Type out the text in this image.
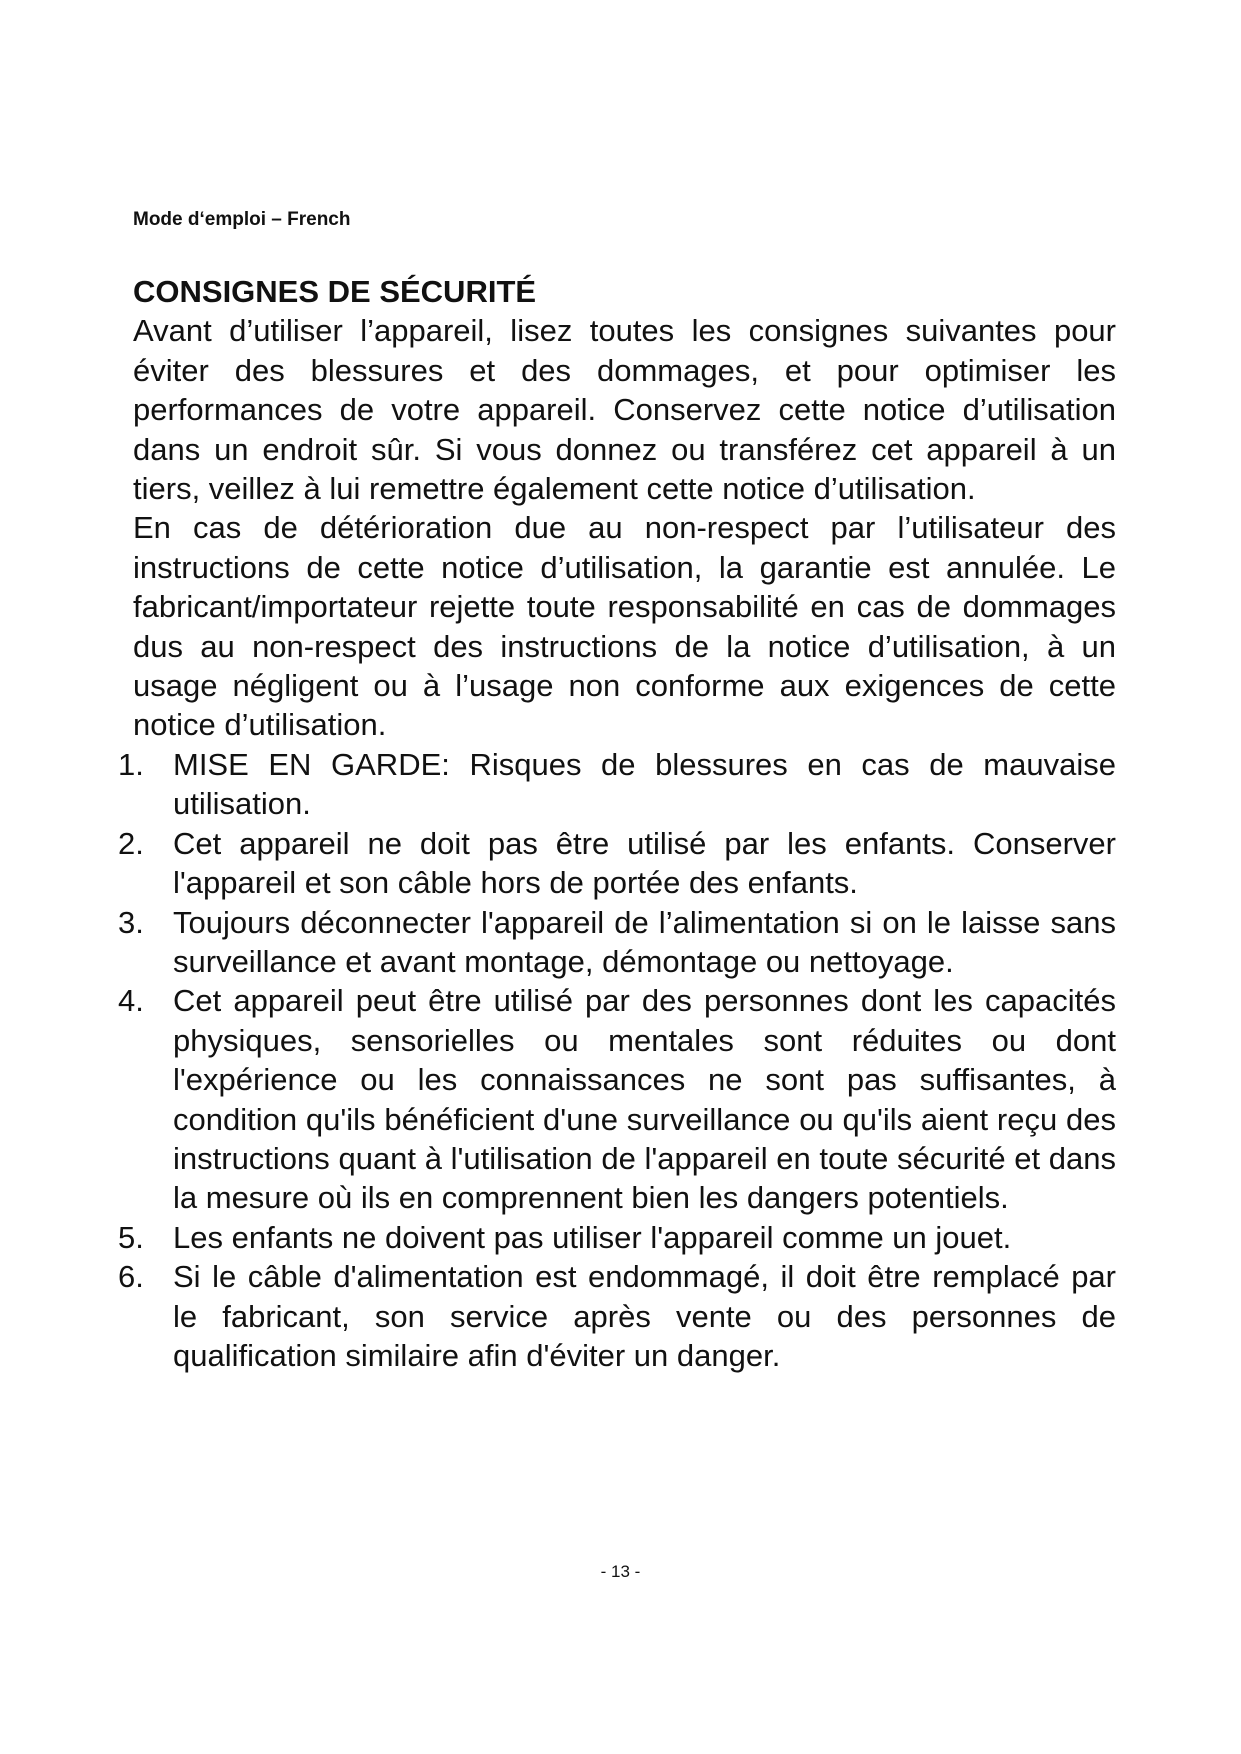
Mode d‘emploi – French
CONSIGNES DE SÉCURITÉ

Avant d’utiliser l’appareil, lisez toutes les consignes suivantes pour éviter des blessures et des dommages, et pour optimiser les performances de votre appareil. Conservez cette notice d’utilisation dans un endroit sûr. Si vous donnez ou transférez cet appareil à un tiers, veillez à lui remettre également cette notice d’utilisation.

En cas de détérioration due au non-respect par l’utilisateur des instructions de cette notice d’utilisation, la garantie est annulée. Le fabricant/importateur rejette toute responsabilité en cas de dommages dus au non-respect des instructions de la notice d’utilisation, à un usage négligent ou à l’usage non conforme aux exigences de cette notice d’utilisation.

1. MISE EN GARDE: Risques de blessures en cas de mauvaise utilisation.
2. Cet appareil ne doit pas être utilisé par les enfants. Conserver l'appareil et son câble hors de portée des enfants.
3. Toujours déconnecter l'appareil de l’alimentation si on le laisse sans surveillance et avant montage, démontage ou nettoyage.
4. Cet appareil peut être utilisé par des personnes dont les capacités physiques, sensorielles ou mentales sont réduites ou dont l'expérience ou les connaissances ne sont pas suffisantes, à condition qu'ils bénéficient d'une surveillance ou qu'ils aient reçu des instructions quant à l'utilisation de l'appareil en toute sécurité et dans la mesure où ils en comprennent bien les dangers potentiels.
5. Les enfants ne doivent pas utiliser l'appareil comme un jouet.
6. Si le câble d'alimentation est endommagé, il doit être remplacé par le fabricant, son service après vente ou des personnes de qualification similaire afin d'éviter un danger.
- 13 -
